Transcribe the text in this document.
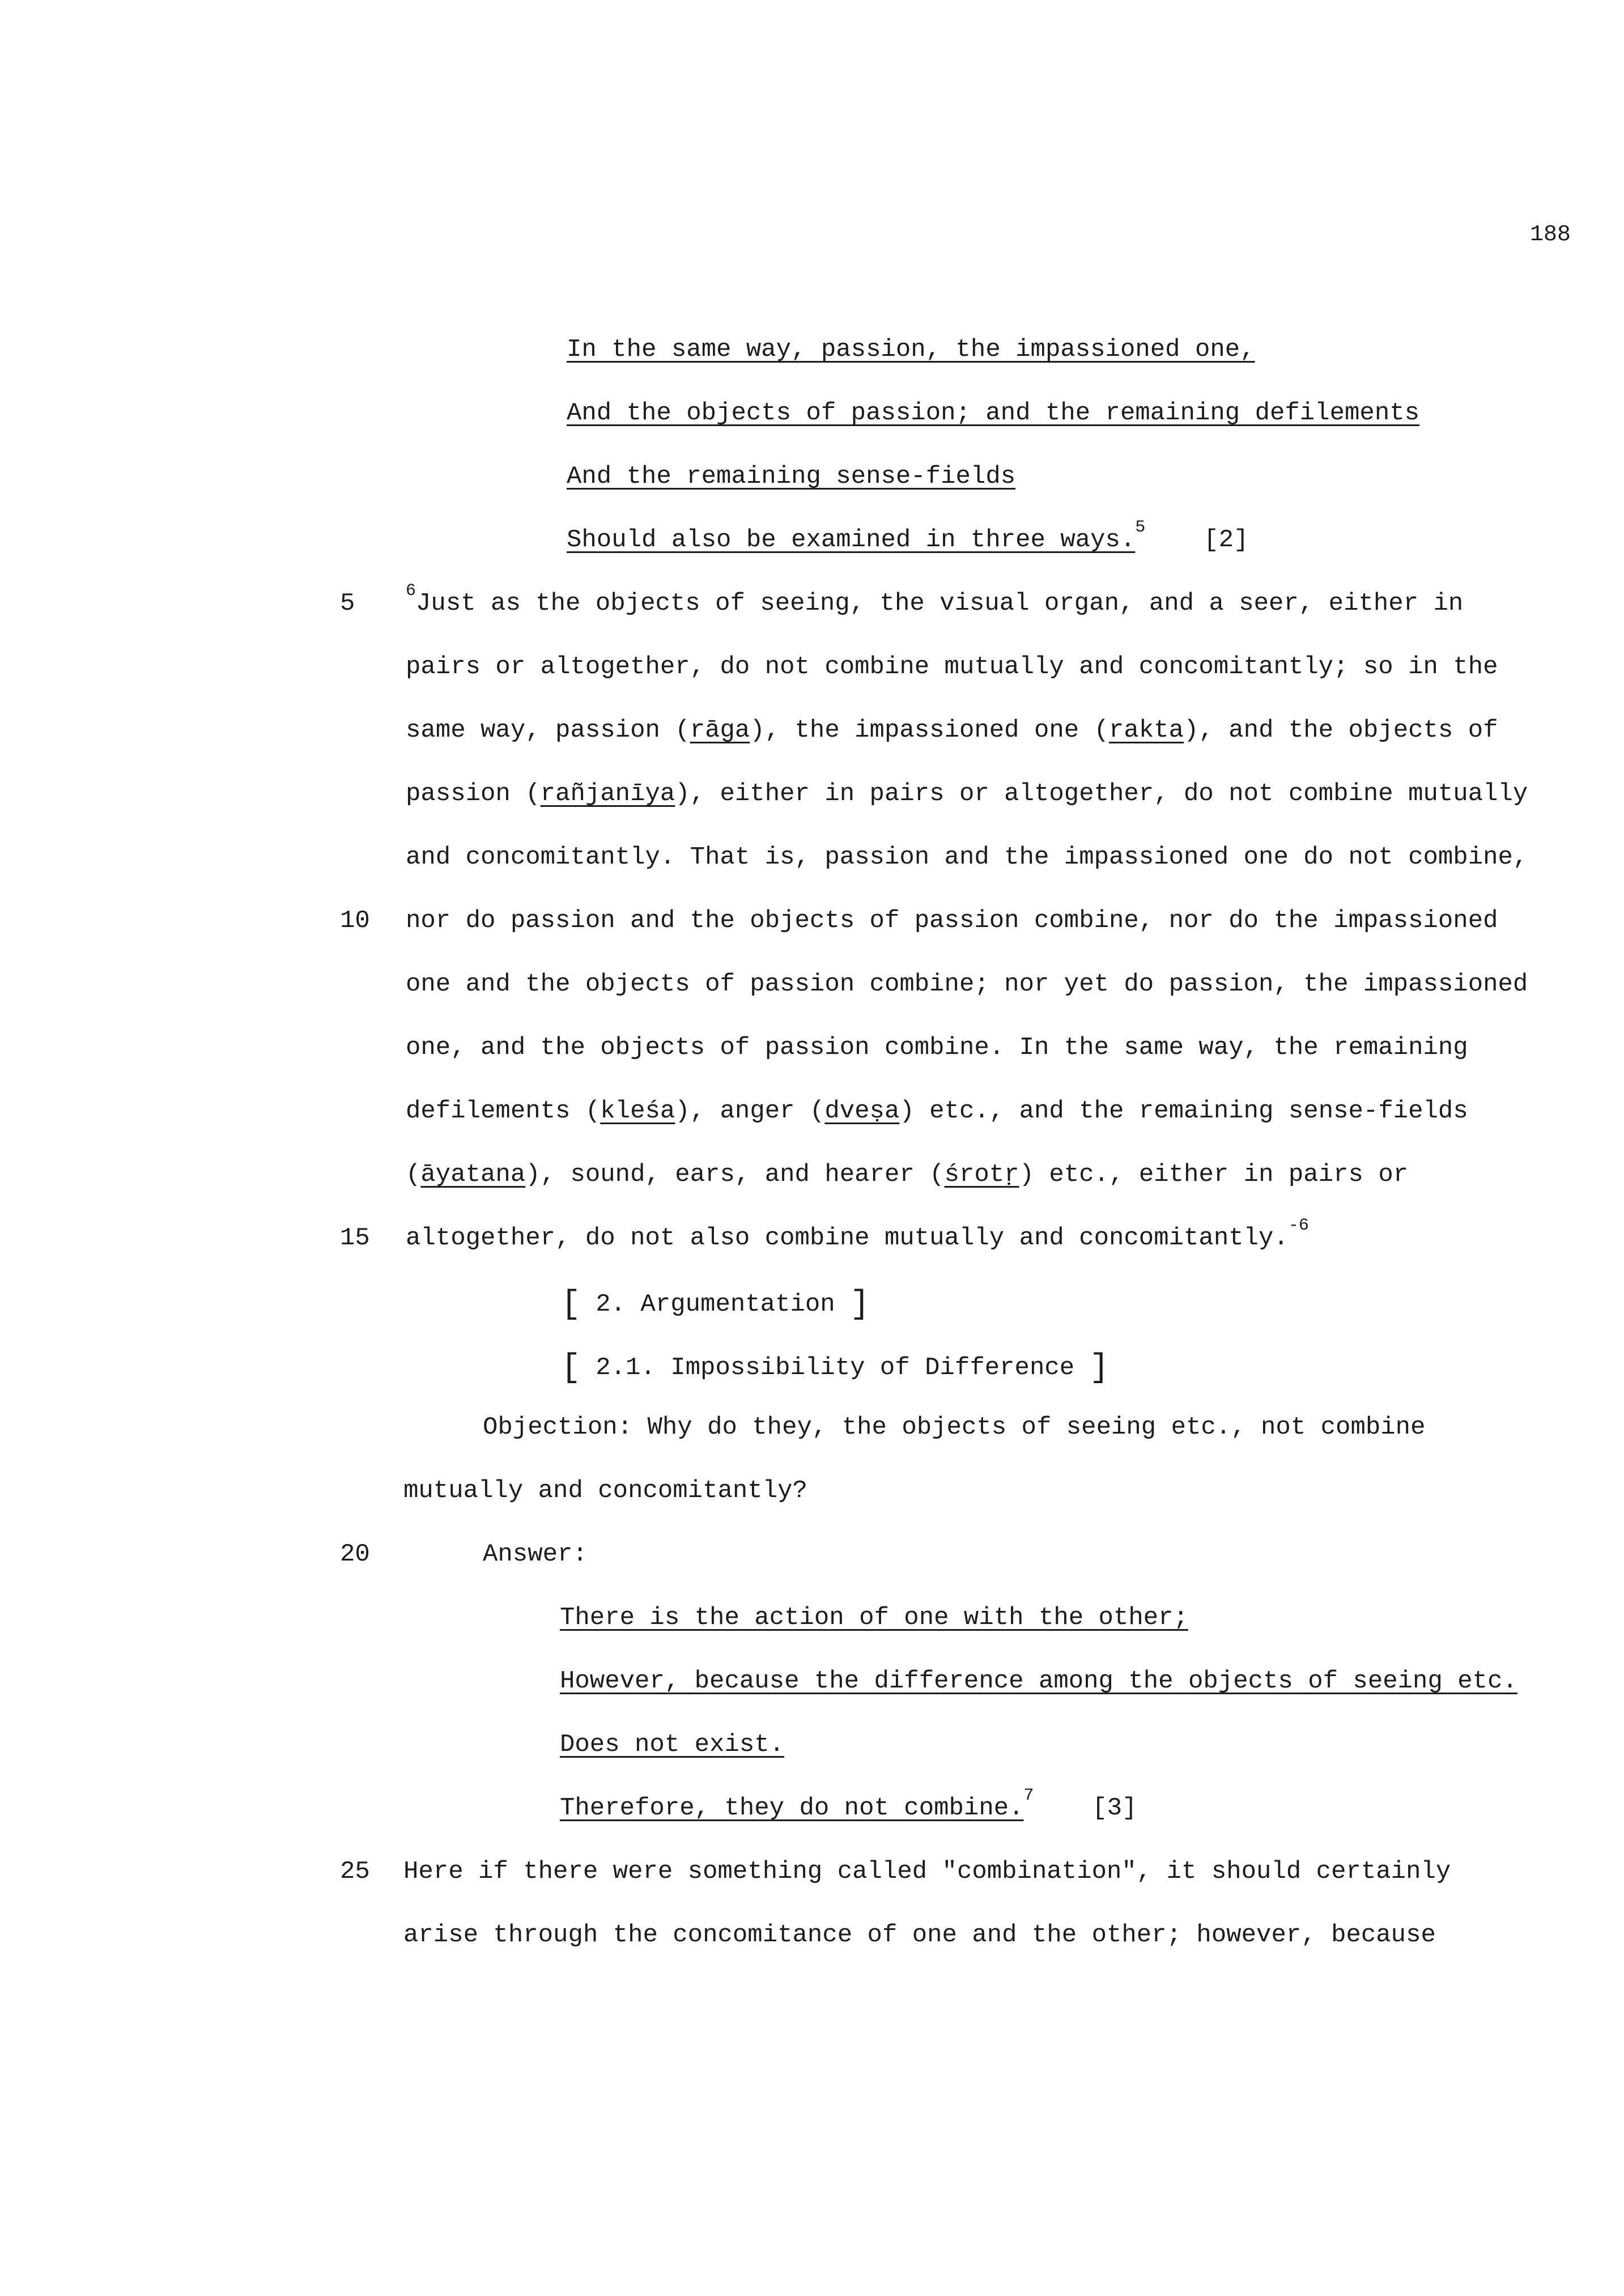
188
In the same way, passion, the impassioned one,
And the objects of passion; and the remaining defilements
And the remaining sense-fields
Should also be examined in three ways.$^5$ [2]
5	$^6$Just as the objects of seeing, the visual organ, and a seer, either in
pairs or altogether, do not combine mutually and concomitantly; so in the
same way, passion (rāga), the impassioned one (rakta), and the objects of
passion (rañjanīya), either in pairs or altogether, do not combine mutually
and concomitantly. That is, passion and the impassioned one do not combine,
10 nor do passion and the objects of passion combine, nor do the impassioned
one and the objects of passion combine; nor yet do passion, the impassioned
one, and the objects of passion combine. In the same way, the remaining
defilements (kleśa), anger (dveṣa) etc., and the remaining sense-fields
(āyatana), sound, ears, and hearer (śrotṛ) etc., either in pairs or
15 altogether, do not also combine mutually and concomitantly.$^{-6}$
[ 2. Argumentation ]
[ 2.1. Impossibility of Difference ]
Objection: Why do they, the objects of seeing etc., not combine
mutually and concomitantly?
20	Answer:
There is the action of one with the other;
However, because the difference among the objects of seeing etc.
Does not exist.
Therefore, they do not combine.$^7$ [3]
25 Here if there were something called "combination", it should certainly
arise through the concomitance of one and the other; however, because
